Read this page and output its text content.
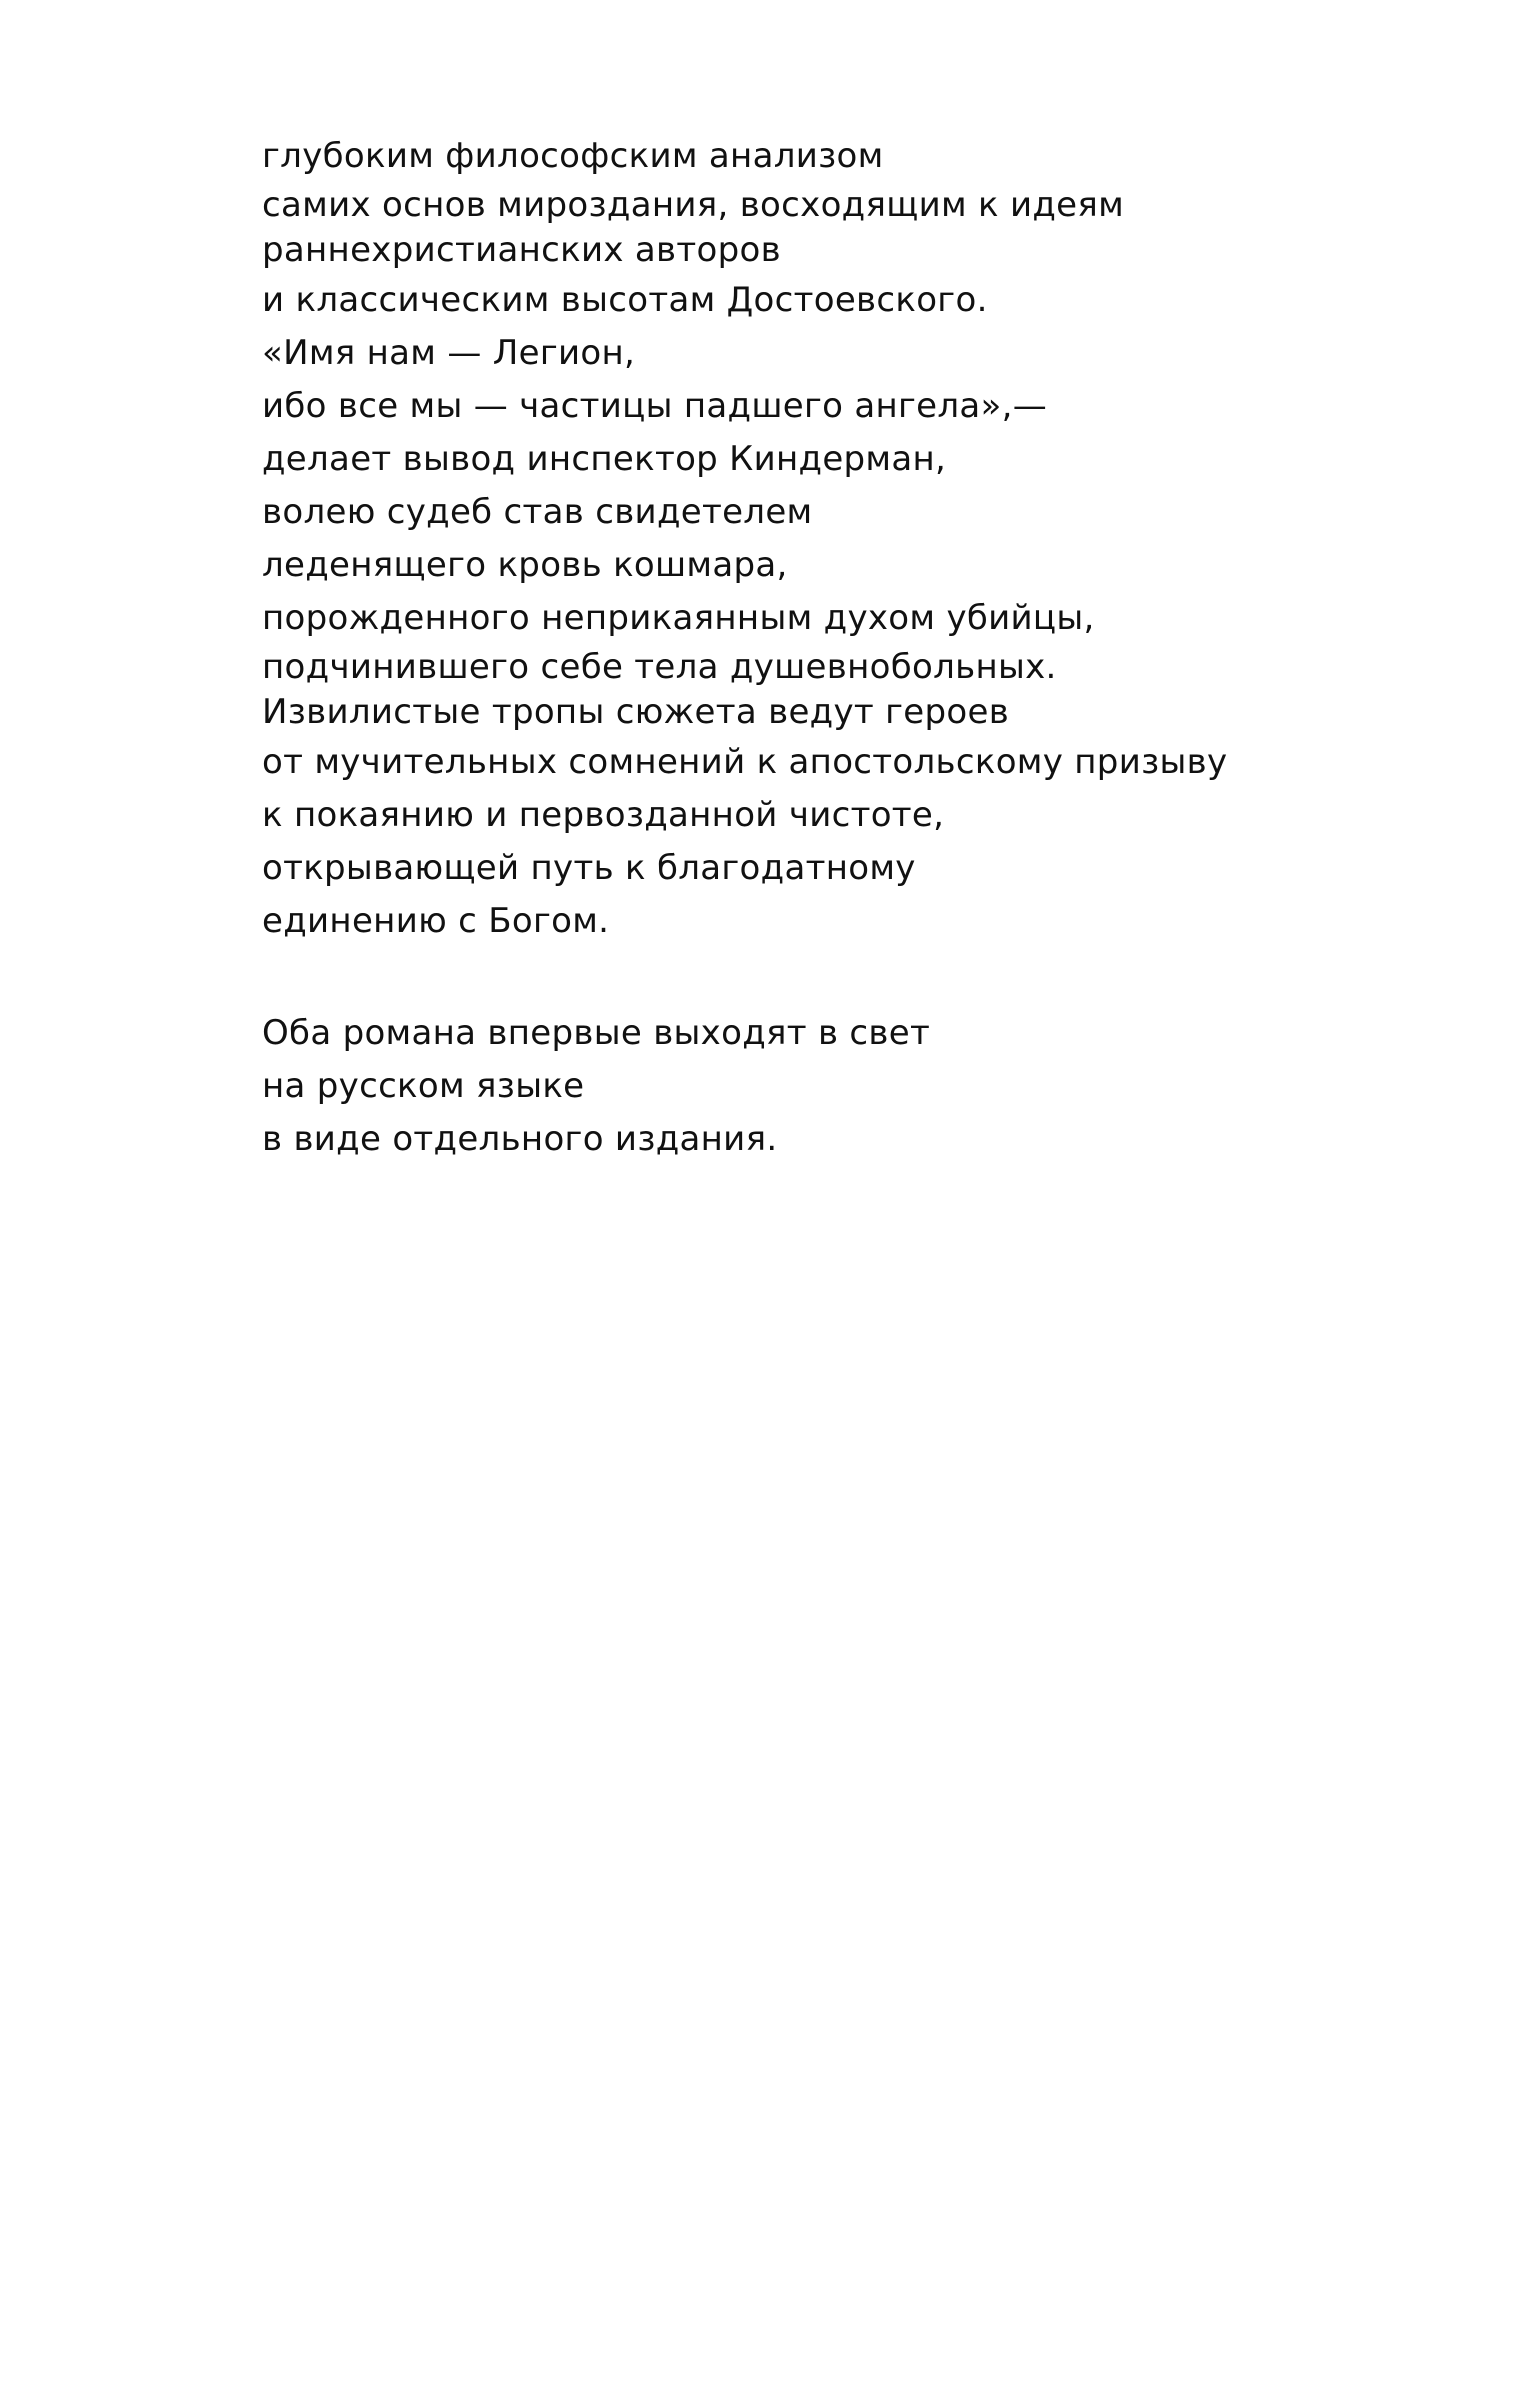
глубоким философским анализом
самих основ мироздания, восходящим к идеям
раннехристианских авторов
и классическим высотам Достоевского.
«Имя нам — Легион,
ибо все мы — частицы падшего ангела»,—
делает вывод инспектор Киндерман,
волею судеб став свидетелем
леденящего кровь кошмара,
порожденного неприкаянным духом убийцы,
подчинившего себе тела душевнобольных.
Извилистые тропы сюжета ведут героев
от мучительных сомнений к апостольскому призыву
к покаянию и первозданной чистоте,
открывающей путь к благодатному
единению с Богом.
Оба романа впервые выходят в свет
на русском языке
в виде отдельного издания.
